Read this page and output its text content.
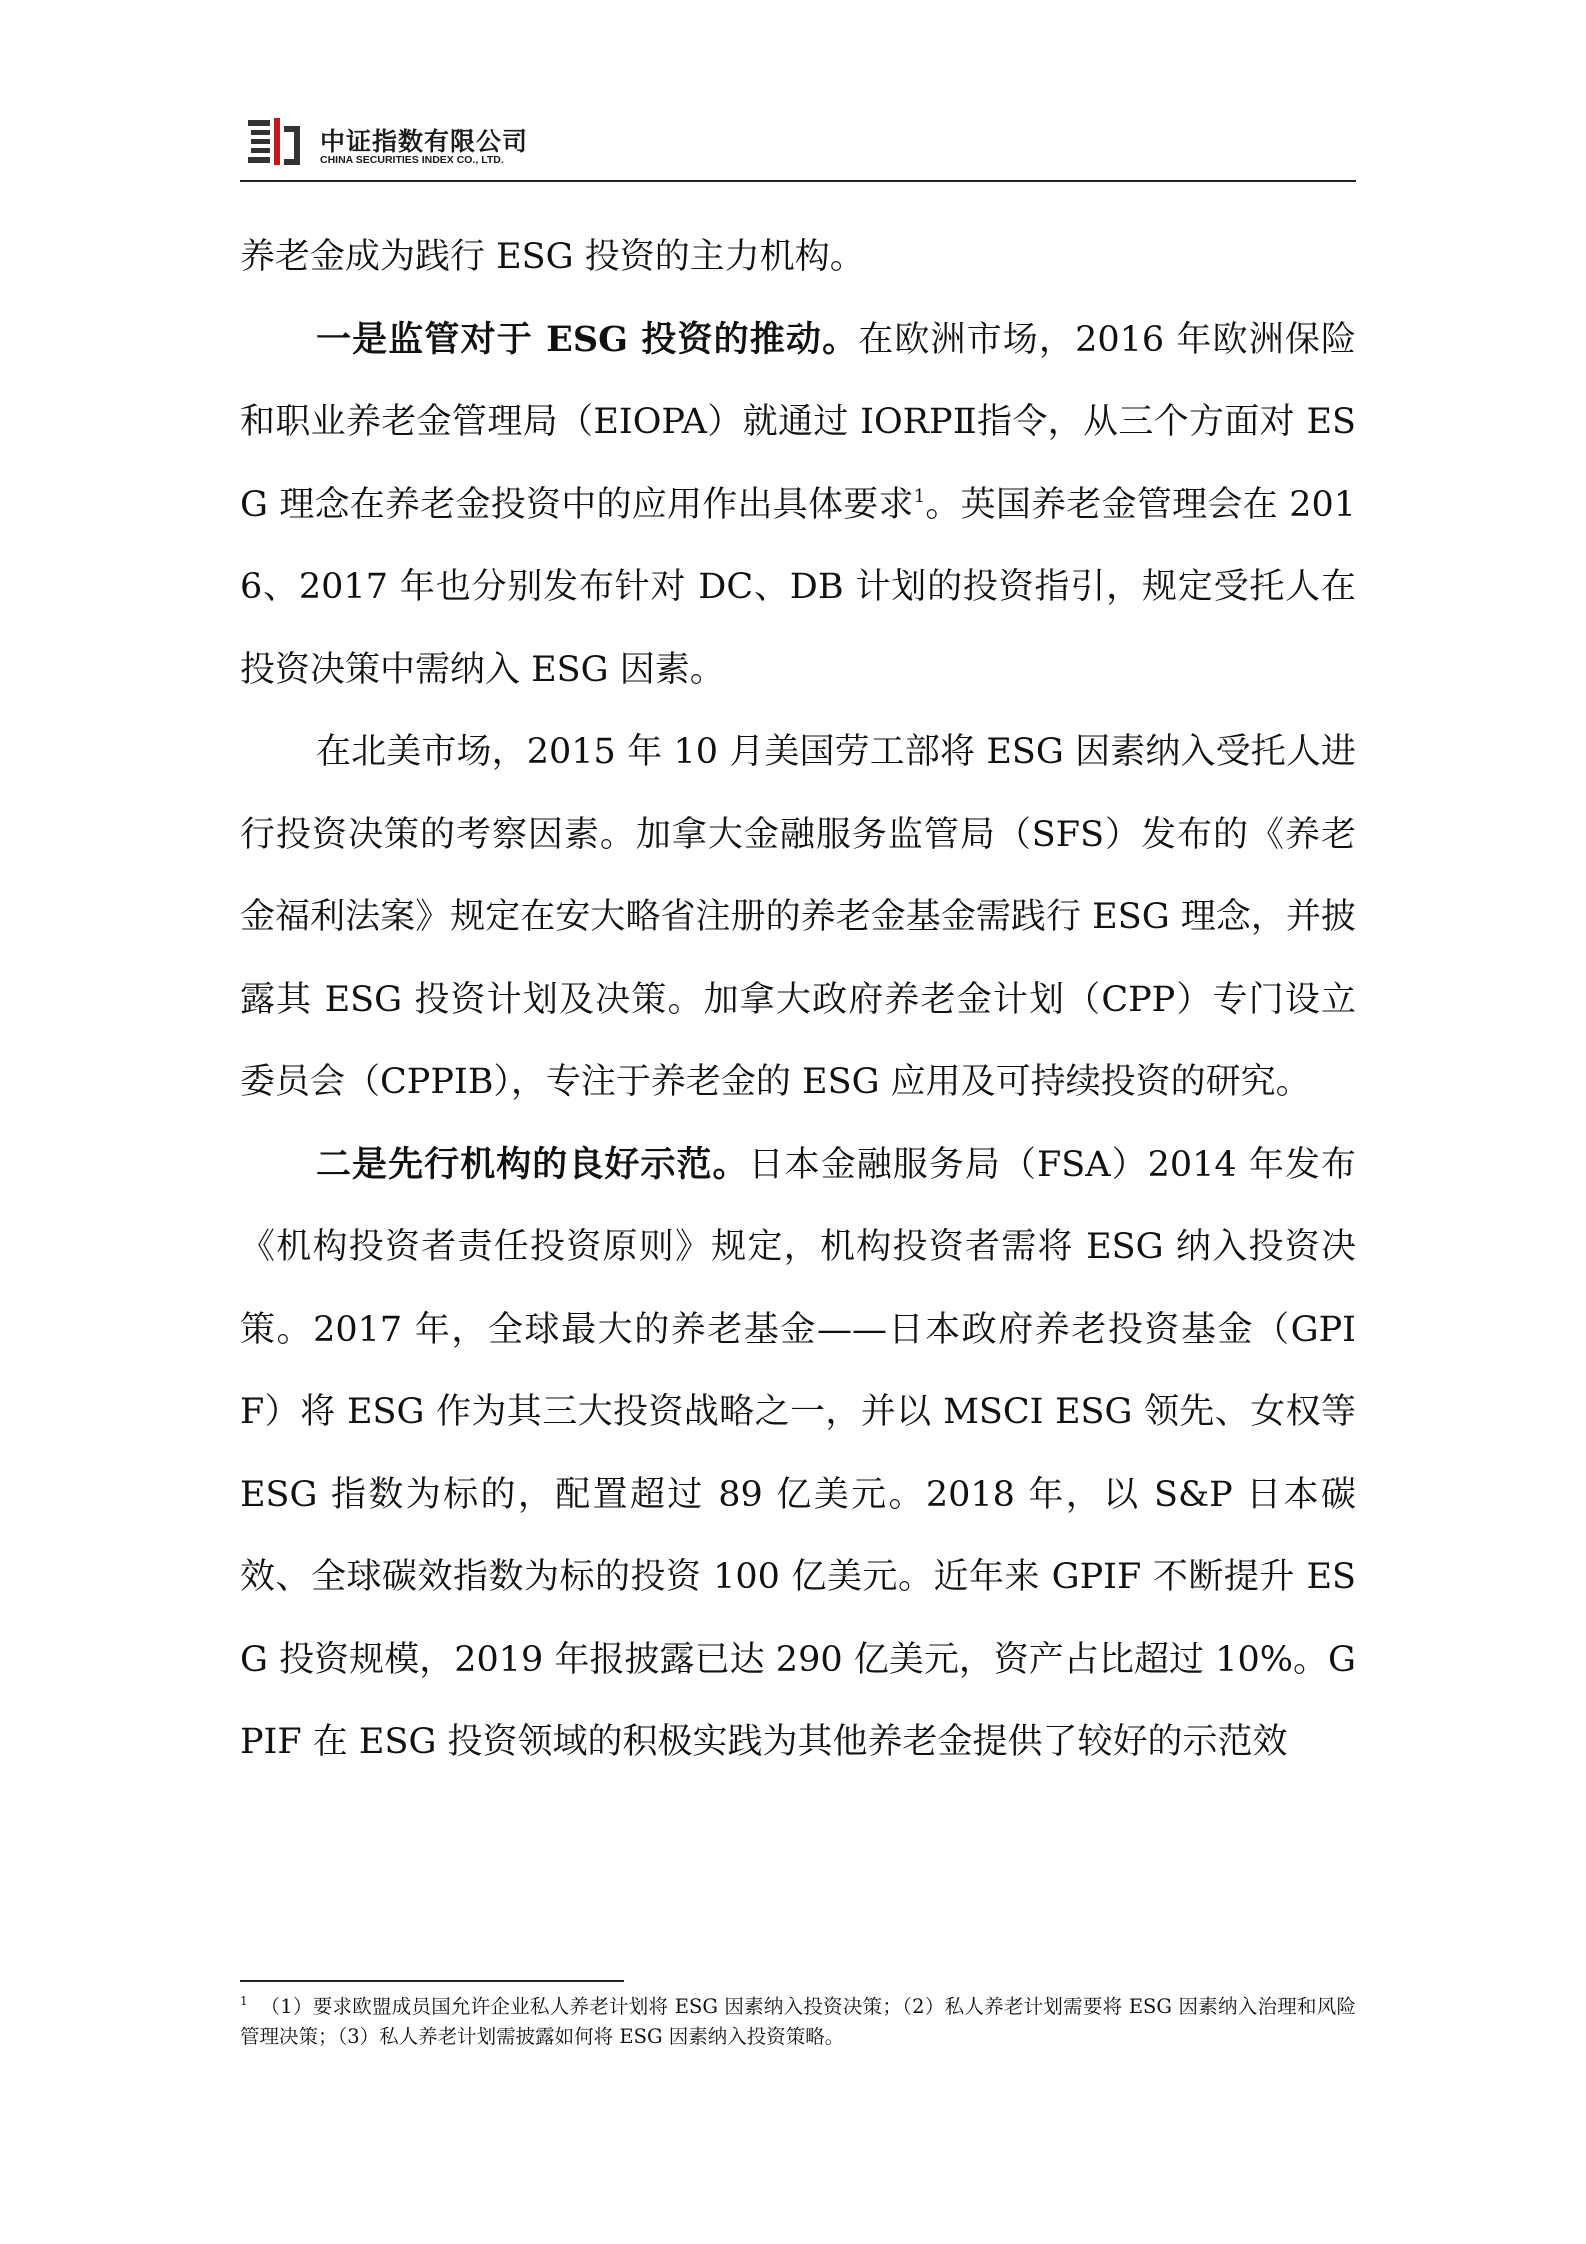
中证指数有限公司
CHINA SECURITIES INDEX CO., LTD.

养老金成为践行 ESG 投资的主力机构。

一是监管对于 ESG 投资的推动。在欧洲市场，2016 年欧洲保险和职业养老金管理局（EIOPA）就通过 IORPⅡ指令，从三个方面对 ESG 理念在养老金投资中的应用作出具体要求$^1$。英国养老金管理会在 2016、2017 年也分别发布针对 DC、DB 计划的投资指引，规定受托人在投资决策中需纳入 ESG 因素。

在北美市场，2015 年 10 月美国劳工部将 ESG 因素纳入受托人进行投资决策的考察因素。加拿大金融服务监管局（SFS）发布的《养老金福利法案》规定在安大略省注册的养老金基金需践行 ESG 理念，并披露其 ESG 投资计划及决策。加拿大政府养老金计划（CPP）专门设立委员会（CPPIB），专注于养老金的 ESG 应用及可持续投资的研究。

二是先行机构的良好示范。日本金融服务局（FSA）2014 年发布《机构投资者责任投资原则》规定，机构投资者需将 ESG 纳入投资决策。2017 年，全球最大的养老基金——日本政府养老投资基金（GPIF）将 ESG 作为其三大投资战略之一，并以 MSCI ESG 领先、女权等 ESG 指数为标的，配置超过 89 亿美元。2018 年，以 S&P 日本碳效、全球碳效指数为标的投资 100 亿美元。近年来 GPIF 不断提升 ESG 投资规模，2019 年报披露已达 290 亿美元，资产占比超过 10%。GPIF 在 ESG 投资领域的积极实践为其他养老金提供了较好的示范效

$^1$ （1）要求欧盟成员国允许企业私人养老计划将 ESG 因素纳入投资决策；（2）私人养老计划需要将 ESG 因素纳入治理和风险管理决策；（3）私人养老计划需披露如何将 ESG 因素纳入投资策略。
